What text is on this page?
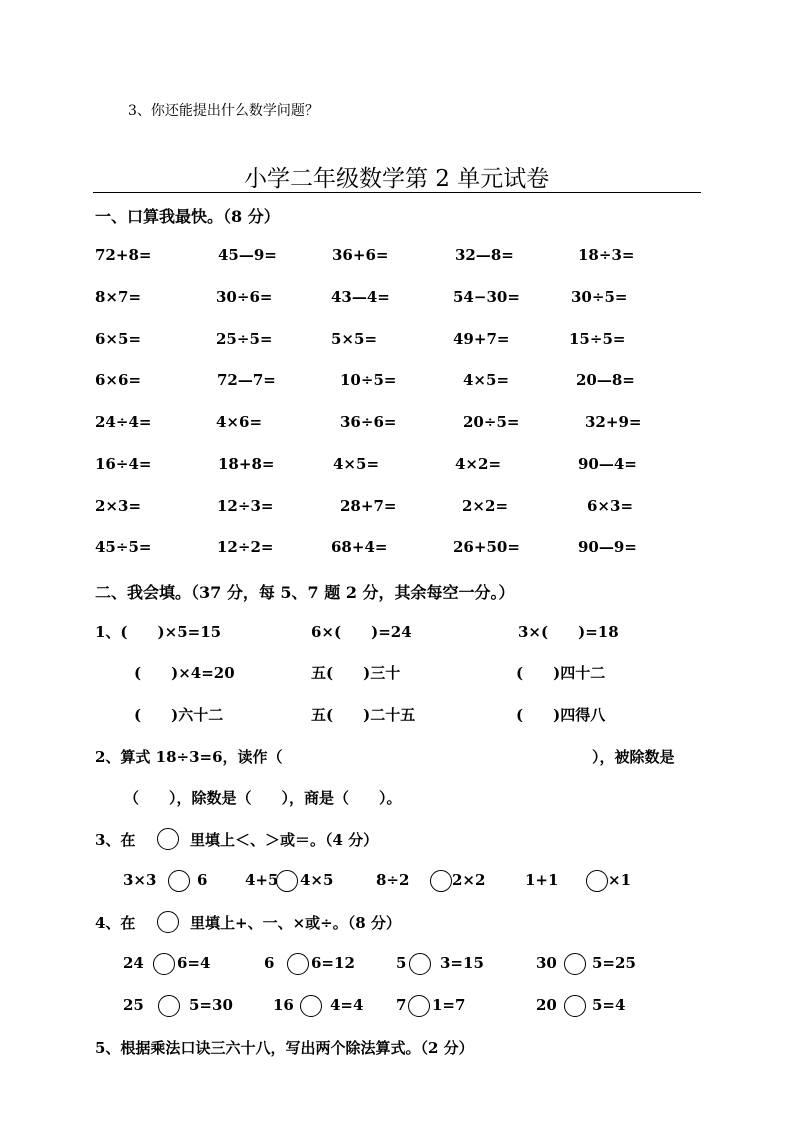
3、你还能提出什么数学问题？
小学二年级数学第 2 单元试卷
一、口算我最快。（8 分）
72+8=	45—9=	36+6=	32—8=	18÷3=
8×7=	30÷6=	43—4=	54−30=	30÷5=
6×5=	25÷5=	5×5=	49+7=	15÷5=
6×6=	72—7=	10÷5=	4×5=	20—8=
24÷4=	4×6=	36÷6=	20÷5=	32+9=
16÷4=	18+8=	4×5=	4×2=	90—4=
2×3=	12÷3=	28+7=	2×2=	6×3=
45÷5=	12÷2=	68+4=	26+50=	90—9=
二、我会填。（37 分，每 5、7 题 2 分，其余每空一分。）
1、(　　)×5=15	6×(　　)=24	3×(　　)=18
(　　)×4=20	五(　　)三十	(　　)四十二
(　　)六十二	五(　　)二十五	(　　)四得八
2、算式 18÷3=6，读作（	），被除数是
（　　），除数是（　　），商是（　　）。
3、在	里填上＜、＞或＝。（4 分）
3×3	6	4+5 4×5	8÷2	2×2	1+1	×1
4、在	里填上+、一、×或÷。（8 分）
24 6=4	6 6=12	5 3=15	30 5=25
25	5=30	16 4=4 7 1=7	20 5=4
5、根据乘法口诀三六十八，写出两个除法算式。（2 分）
